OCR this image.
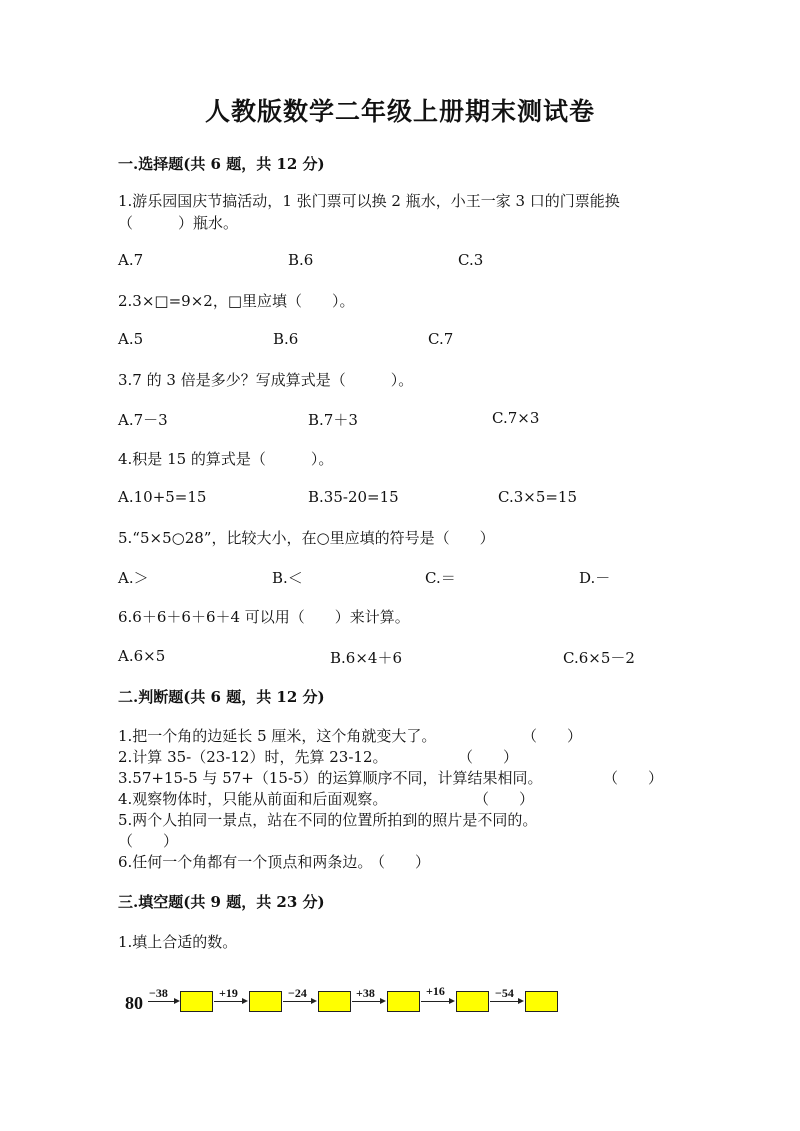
人教版数学二年级上册期末测试卷
一.选择题(共 6 题，共 12 分)
1.游乐园国庆节搞活动，1 张门票可以换 2 瓶水，小王一家 3 口的门票能换
（　　　）瓶水。
A.7	B.6	C.3
2.3×□=9×2，□里应填（　　）。
A.5	B.6	C.7
3.7 的 3 倍是多少？写成算式是（　　　）。
A.7－3	B.7＋3	C.7×3
4.积是 15 的算式是（　　　）。
A.10+5=15	B.35-20=15	C.3×5=15
5.“5×5○28”，比较大小，在○里应填的符号是（　　）
A.＞	B.＜	C.＝	D.－
6.6＋6＋6＋6＋4 可以用（　　）来计算。
A.6×5	B.6×4＋6	C.6×5－2
二.判断题(共 6 题，共 12 分)
1.把一个角的边延长 5 厘米，这个角就变大了。	（　　）
2.计算 35-（23-12）时，先算 23-12。	（　　）
3.57+15-5 与 57+（15-5）的运算顺序不同，计算结果相同。	（　　）
4.观察物体时，只能从前面和后面观察。	（　　）
5.两个人拍同一景点，站在不同的位置所拍到的照片是不同的。
（　　）
6.任何一个角都有一个顶点和两条边。
（　　）
三.填空题(共 9 题，共 23 分)
1.填上合适的数。
80 −38	+19	−24	+38	+16	−54
